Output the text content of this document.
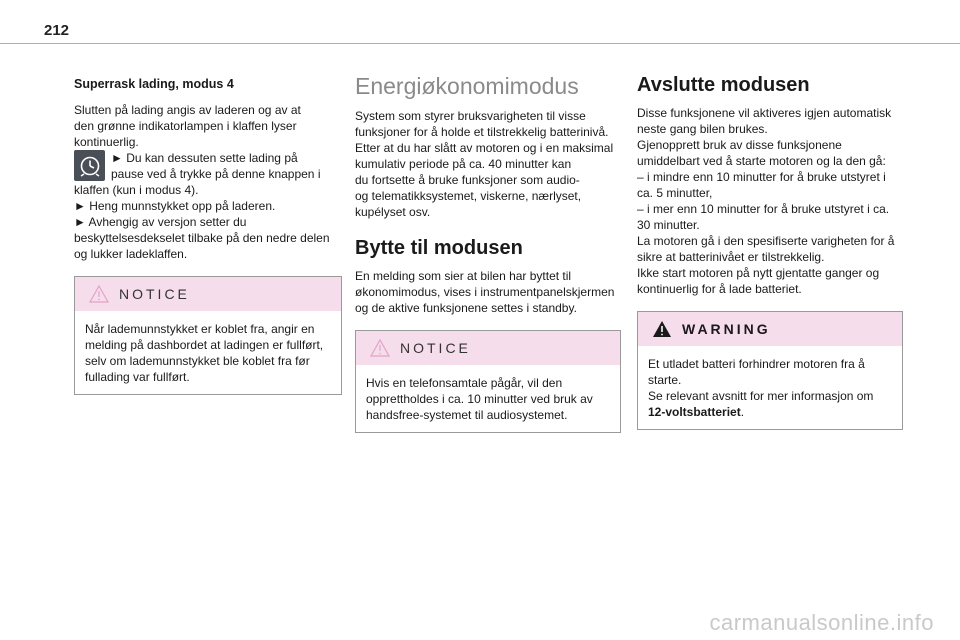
212
Superrask lading, modus 4

Slutten på lading angis av laderen og av at

den grønne indikatorlampen i klaffen lyser

kontinuerlig.

► Du kan dessuten sette lading på

pause ved å trykke på denne knappen i

klaffen (kun i modus 4).

► Heng munnstykket opp på laderen.

► Avhengig av versjon setter du

beskyttelsesdekselet tilbake på den nedre delen

og lukker ladeklaffen.

NOTICE

Når lademunnstykket er koblet fra, angir en

melding på dashbordet at ladingen er fullført,

selv om lademunnstykket ble koblet fra før

fullading var fullført.

Energiøkonomimodus

System som styrer bruksvarigheten til visse

funksjoner for å holde et tilstrekkelig batterinivå.

Etter at du har slått av motoren og i en maksimal

kumulativ periode på ca. 40 minutter kan

du fortsette å bruke funksjoner som audio-

og telematikksystemet, viskerne, nærlyset,

kupélyset osv.

Bytte til modusen

En melding som sier at bilen har byttet til

økonomimodus, vises i instrumentpanelskjermen

og de aktive funksjonene settes i standby.

NOTICE

Hvis en telefonsamtale pågår, vil den

opprettholdes i ca. 10 minutter ved bruk av

handsfree-systemet til audiosystemet.

Avslutte modusen

Disse funksjonene vil aktiveres igjen automatisk

neste gang bilen brukes.

Gjenopprett bruk av disse funksjonene

umiddelbart ved å starte motoren og la den gå:

– i mindre enn 10 minutter for å bruke utstyret i

ca. 5 minutter,

– i mer enn 10 minutter for å bruke utstyret i ca.

30 minutter.

La motoren gå i den spesifiserte varigheten for å

sikre at batterinivået er tilstrekkelig.

Ikke start motoren på nytt gjentatte ganger og

kontinuerlig for å lade batteriet.

WARNING

Et utladet batteri forhindrer motoren fra å

starte.

Se relevant avsnitt for mer informasjon om

12-voltsbatteriet.

carmanualsonline.info
